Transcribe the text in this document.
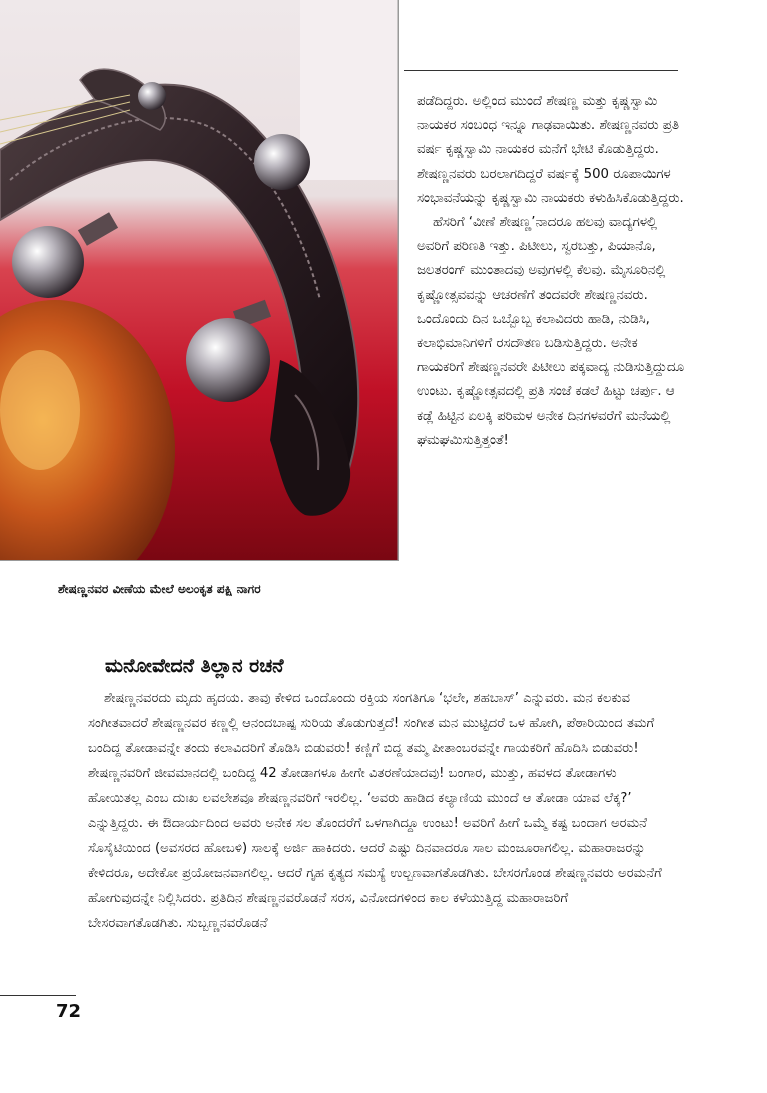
ಪಡೆದಿದ್ದರು. ಅಲ್ಲಿಂದ ಮುಂದೆ ಶೇಷಣ್ಣ ಮತ್ತು ಕೃಷ್ಣಸ್ವಾಮಿ ನಾಯಕರ ಸಂಬಂಧ ಇನ್ನೂ ಗಾಢವಾಯಿತು. ಶೇಷಣ್ಣನವರು ಪ್ರತಿ ವರ್ಷ ಕೃಷ್ಣಸ್ವಾಮಿ ನಾಯಕರ ಮನೆಗೆ ಭೇಟಿ ಕೊಡುತ್ತಿದ್ದರು. ಶೇಷಣ್ಣನವರು ಬರಲಾಗದಿದ್ದರೆ ವರ್ಷಕ್ಕೆ 500 ರೂಪಾಯಿಗಳ ಸಂಭಾವನೆಯನ್ನು ಕೃಷ್ಣಸ್ವಾಮಿ ನಾಯಕರು ಕಳುಹಿಸಿಕೊಡುತ್ತಿದ್ದರು.

ಹೆಸರಿಗೆ ‘ವೀಣೆ ಶೇಷಣ್ಣ’ನಾದರೂ ಹಲವು ವಾದ್ಯಗಳಲ್ಲಿ ಅವರಿಗೆ ಪರಿಣತಿ ಇತ್ತು. ಪಿಟೀಲು, ಸ್ವರಬತ್ತು, ಪಿಯಾನೊ, ಜಲತರಂಗ್ ಮುಂತಾದವು ಅವುಗಳಲ್ಲಿ ಕೆಲವು. ಮೈಸೂರಿನಲ್ಲಿ ಕೃಷ್ಣೋತ್ಸವವನ್ನು ಆಚರಣೆಗೆ ತಂದವರೇ ಶೇಷಣ್ಣನವರು. ಒಂದೊಂದು ದಿನ ಒಬ್ಬೊಬ್ಬ ಕಲಾವಿದರು ಹಾಡಿ, ನುಡಿಸಿ, ಕಲಾಭಿಮಾನಿಗಳಿಗೆ ರಸದೌತಣ ಬಡಿಸುತ್ತಿದ್ದರು. ಅನೇಕ ಗಾಯಕರಿಗೆ ಶೇಷಣ್ಣನವರೇ ಪಿಟೀಲು ಪಕ್ಕವಾದ್ಯ ನುಡಿಸುತ್ತಿದ್ದುದೂ ಉಂಟು. ಕೃಷ್ಣೋತ್ಸವದಲ್ಲಿ ಪ್ರತಿ ಸಂಜೆ ಕಡಲೆ ಹಿಟ್ಟು ಚರ್ಪು. ಆ ಕಡ್ಲೆ ಹಿಟ್ಟಿನ ಏಲಕ್ಕಿ ಪರಿಮಳ ಅನೇಕ ದಿನಗಳವರೆಗೆ ಮನೆಯಲ್ಲಿ ಘಮಘಮಿಸುತ್ತಿತ್ತಂತೆ!

ಶೇಷಣ್ಣನವರ ವೀಣೆಯ ಮೇಲೆ ಅಲಂಕೃತ ಪಕ್ಷಿ ನಾಗರ

ಮನೋವೇದನೆ ತಿಲ್ಲಾನ ರಚನೆ

ಶೇಷಣ್ಣನವರದು ಮೃದು ಹೃದಯ. ತಾವು ಕೇಳಿದ ಒಂದೊಂದು ರಕ್ತಿಯ ಸಂಗತಿಗೂ ‘ಭಲೇ, ಶಹಬಾಸ್’ ಎನ್ನುವರು. ಮನ ಕಲಕುವ ಸಂಗೀತವಾದರೆ ಶೇಷಣ್ಣನವರ ಕಣ್ಣಲ್ಲಿ ಆನಂದಬಾಷ್ಪ ಸುರಿಯ ತೊಡುಗುತ್ತದೆ! ಸಂಗೀತ ಮನ ಮುಟ್ಟಿದರೆ ಒಳ ಹೋಗಿ, ಪೆಠಾರಿಯಿಂದ ತಮಗೆ ಬಂದಿದ್ದ ತೋಡಾವನ್ನೇ ತಂದು ಕಲಾವಿದರಿಗೆ ತೊಡಿಸಿ ಬಿಡುವರು! ಕಣ್ಣಿಗೆ ಬಿದ್ದ ತಮ್ಮ ಪೀತಾಂಬರವನ್ನೇ ಗಾಯಕರಿಗೆ ಹೊದಿಸಿ ಬಿಡುವರು! ಶೇಷಣ್ಣನವರಿಗೆ ಜೀವಮಾನದಲ್ಲಿ ಬಂದಿದ್ದ 42 ತೋಡಾಗಳೂ ಹೀಗೇ ವಿತರಣೆಯಾದವು! ಬಂಗಾರ, ಮುತ್ತು, ಹವಳದ ತೋಡಾಗಳು ಹೋಯಿತಲ್ಲ ಎಂಬ ದುಃಖ ಲವಲೇಶವೂ ಶೇಷಣ್ಣನವರಿಗೆ ಇರಲಿಲ್ಲ. ‘ಅವರು ಹಾಡಿದ ಕಲ್ಯಾಣಿಯ ಮುಂದೆ ಆ ತೋಡಾ ಯಾವ ಲೆಕ್ಕ?’ ಎನ್ನುತ್ತಿದ್ದರು. ಈ ಔದಾರ್ಯದಿಂದ ಅವರು ಅನೇಕ ಸಲ ತೊಂದರೆಗೆ ಒಳಗಾಗಿದ್ದೂ ಉಂಟು! ಅವರಿಗೆ ಹೀಗೆ ಒಮ್ಮೆ ಕಷ್ಟ ಬಂದಾಗ ಅರಮನೆ ಸೊಸೈಟಿಯಿಂದ (ಅವಸರದ ಹೋಬಳಿ) ಸಾಲಕ್ಕೆ ಅರ್ಜಿ ಹಾಕಿದರು. ಆದರೆ ಎಷ್ಟು ದಿನವಾದರೂ ಸಾಲ ಮಂಜೂರಾಗಲಿಲ್ಲ. ಮಹಾರಾಜರನ್ನು ಕೇಳಿದರೂ, ಅದೇಕೋ ಪ್ರಯೋಜನವಾಗಲಿಲ್ಲ. ಆದರೆ ಗೃಹ ಕೃತ್ಯದ ಸಮಸ್ಯೆ ಉಲ್ಬಣವಾಗತೊಡಗಿತು. ಬೇಸರಗೊಂಡ ಶೇಷಣ್ಣನವರು ಅರಮನೆಗೆ ಹೋಗುವುದನ್ನೇ ನಿಲ್ಲಿಸಿದರು. ಪ್ರತಿದಿನ ಶೇಷಣ್ಣನವರೊಡನೆ ಸರಸ, ವಿನೋದಗಳಿಂದ ಕಾಲ ಕಳೆಯುತ್ತಿದ್ದ ಮಹಾರಾಜರಿಗೆ ಬೇಸರವಾಗತೊಡಗಿತು. ಸುಬ್ಬಣ್ಣನವರೊಡನೆ

72
